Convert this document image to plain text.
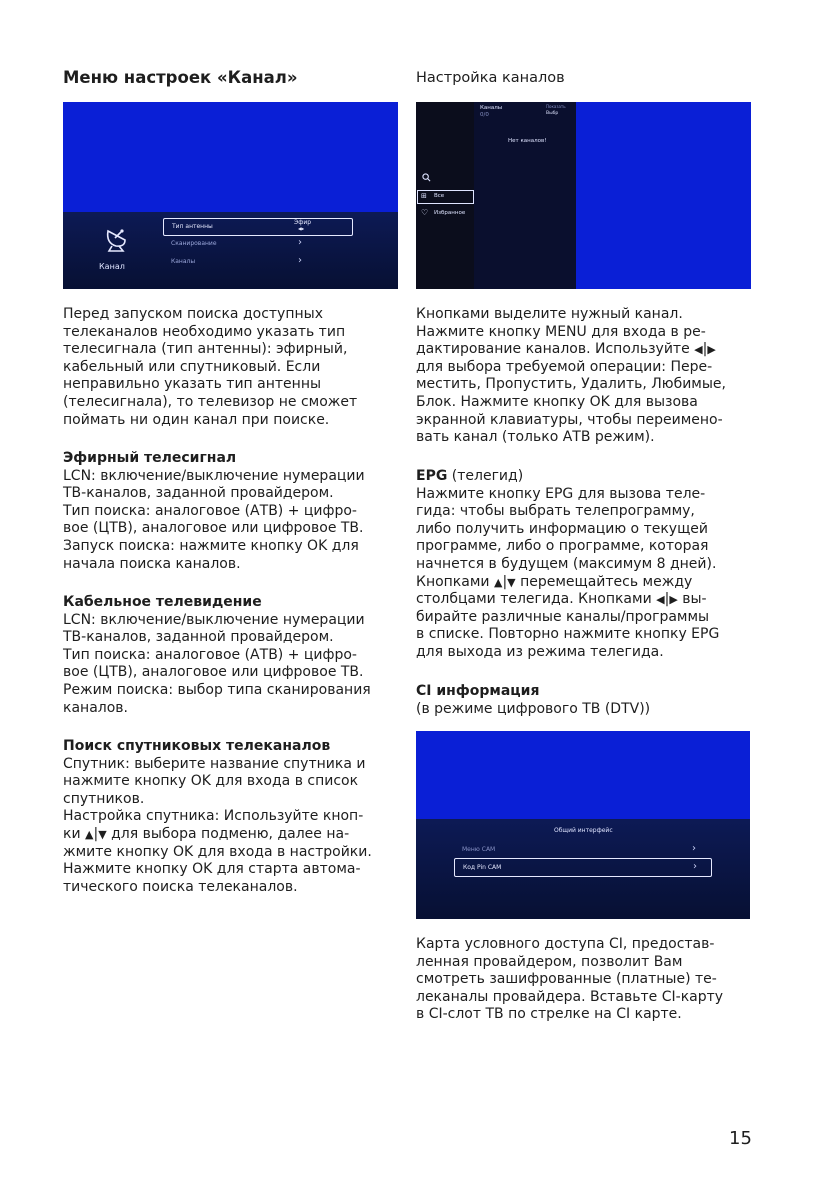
Меню настроек «Канал»
Канал
Тип антенны
Эфир
◀▶
Сканирование	›
Каналы	›

Перед запуском поиска доступных

телеканалов необходимо указать тип

телесигнала (тип антенны): эфирный,

кабельный или спутниковый. Если

неправильно указать тип антенны

(телесигнала), то телевизор не сможет

поймать ни один канал при поиске.

Эфирный телесигнал

LCN: включение/выключение нумерации

ТВ-каналов, заданной провайдером.

Тип поиска: аналоговое (АТВ) + цифро-

вое (ЦТВ), аналоговое или цифровое ТВ.

Запуск поиска: нажмите кнопку OK для

начала поиска каналов.

Кабельное телевидение

LCN: включение/выключение нумерации

ТВ-каналов, заданной провайдером.

Тип поиска: аналоговое (АТВ) + цифро-

вое (ЦТВ), аналоговое или цифровое ТВ.

Режим поиска: выбор типа сканирования

каналов.

Поиск спутниковых телеканалов

Спутник: выберите название спутника и

нажмите кнопку OK для входа в список

спутников.

Настройка спутника: Используйте кноп-

ки ▲|▼ для выбора подменю, далее на-

жмите кнопку OK для входа в настройки.

Нажмите кнопку OK для старта автома-

тического поиска телеканалов.

Настройка каналов
⊞ Все
♡ Избранное
Каналы
0/0
Показать
Выбр
Нет каналов!

Кнопками выделите нужный канал.

Нажмите кнопку MENU для входа в ре-

дактирование каналов. Используйте ◀|▶

для выбора требуемой операции: Пере-

местить, Пропустить, Удалить, Любимые,

Блок. Нажмите кнопку OK для вызова

экранной клавиатуры, чтобы переимено-

вать канал (только АТВ режим).

EPG (телегид)

Нажмите кнопку EPG для вызова теле-

гида: чтобы выбрать телепрограмму,

либо получить информацию о текущей

программе, либо о программе, которая

начнется в будущем (максимум 8 дней).

Кнопками ▲|▼ перемещайтесь между

столбцами телегида. Кнопками ◀|▶ вы-

бирайте различные каналы/программы

в списке. Повторно нажмите кнопку EPG

для выхода из режима телегида.

CI информация

(в режиме цифрового ТВ (DTV))

Общий интерфейс
Меню CAM	›
Код Pin CAM	›

Карта условного доступа CI, предостав-

ленная провайдером, позволит Вам

смотреть зашифрованные (платные) те-

леканалы провайдера. Вставьте CI-карту

в CI-слот ТВ по стрелке на CI карте.

15
